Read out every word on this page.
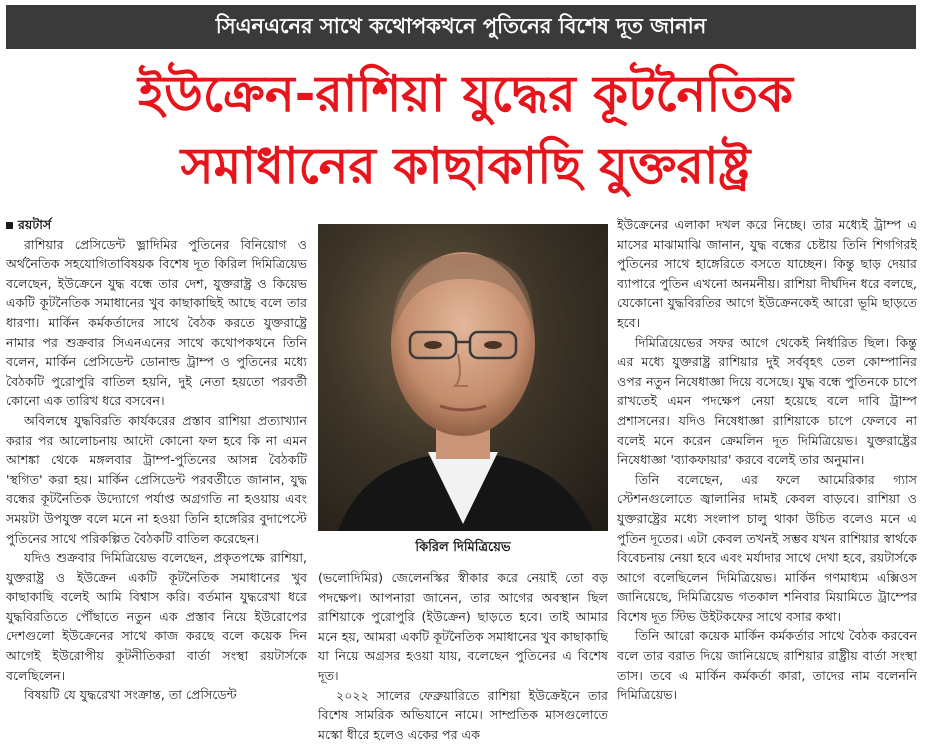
সিএনএনের সাথে কথোপকথনে পুতিনের বিশেষ দূত জানান
ইউক্রেন-রাশিয়া যুদ্ধের কূটনৈতিক
সমাধানের কাছাকাছি যুক্তরাষ্ট্র

রয়টার্স

রাশিয়ার প্রেসিডেন্ট ভ্লাদিমির পুতিনের বিনিয়োগ ও অর্থনৈতিক সহযোগিতাবিষয়ক বিশেষ দূত কিরিল দিমিত্রিয়েভ বলেছেন, ইউক্রেনে যুদ্ধ বন্ধে তার দেশ, যুক্তরাষ্ট্র ও কিয়েভ একটি কূটনৈতিক সমাধানের খুব কাছাকাছিই আছে বলে তার ধারণা। মার্কিন কর্মকর্তাদের সাথে বৈঠক করতে যুক্তরাষ্ট্রে নামার পর শুক্রবার সিএনএনের সাথে কথোপকথনে তিনি বলেন, মার্কিন প্রেসিডেন্ট ডোনাল্ড ট্রাম্প ও পুতিনের মধ্যে বৈঠকটি পুরোপুরি বাতিল হয়নি, দুই নেতা হয়তো পরবর্তী কোনো এক তারিখ ধরে বসবেন।

অবিলম্বে যুদ্ধবিরতি কার্যকরের প্রস্তাব রাশিয়া প্রত্যাখ্যান করার পর আলোচনায় আদৌ কোনো ফল হবে কি না এমন আশঙ্কা থেকে মঙ্গলবার ট্রাম্প-পুতিনের আসন্ন বৈঠকটি 'স্থগিত' করা হয়। মার্কিন প্রেসিডেন্ট পরবর্তীতে জানান, যুদ্ধ বন্ধের কূটনৈতিক উদ্যোগে পর্যাপ্ত অগ্রগতি না হওয়ায় এবং সময়টা উপযুক্ত বলে মনে না হওয়া তিনি হাঙ্গেরির বুদাপেস্টে পুতিনের সাথে পরিকল্পিত বৈঠকটি বাতিল করেছেন।

যদিও শুক্রবার দিমিত্রিয়েভ বলেছেন, প্রকৃতপক্ষে রাশিয়া, যুক্তরাষ্ট্র ও ইউক্রেন একটি কূটনৈতিক সমাধানের খুব কাছাকাছি বলেই আমি বিশ্বাস করি। বর্তমান যুদ্ধরেখা ধরে যুদ্ধবিরতিতে পৌঁছাতে নতুন এক প্রস্তাব নিয়ে ইউরোপের দেশগুলো ইউক্রেনের সাথে কাজ করছে বলে কয়েক দিন আগেই ইউরোপীয় কূটনীতিকরা বার্তা সংস্থা রয়টার্সকে বলেছিলেন।

বিষয়টি যে যুদ্ধরেখা সংক্রান্ত, তা প্রেসিডেন্ট

কিরিল দিমিত্রিয়েভ

(ভলোদিমির) জেলেনস্কির স্বীকার করে নেয়াই তো বড় পদক্ষেপ। আপনারা জানেন, তার আগের অবস্থান ছিল রাশিয়াকে পুরোপুরি (ইউক্রেন) ছাড়তে হবে। তাই আমার মনে হয়, আমরা একটি কূটনৈতিক সমাধানের খুব কাছাকাছি যা নিয়ে অগ্রসর হওয়া যায়, বলেছেন পুতিনের এ বিশেষ দূত।

২০২২ সালের ফেব্রুয়ারিতে রাশিয়া ইউক্রেইনে তার বিশেষ সামরিক অভিযানে নামে। সাম্প্রতিক মাসগুলোতে মস্কো ধীরে হলেও একের পর এক

ইউক্রেনের এলাকা দখল করে নিচ্ছে। তার মধ্যেই ট্রাম্প এ মাসের মাঝামাঝি জানান, যুদ্ধ বন্ধের চেষ্টায় তিনি শিগগিরই পুতিনের সাথে হাঙ্গেরিতে বসতে যাচ্ছেন। কিন্তু ছাড় দেয়ার ব্যাপারে পুতিন এখনো অনমনীয়। রাশিয়া দীর্ঘদিন ধরে বলছে, যেকোনো যুদ্ধবিরতির আগে ইউক্রেনকেই আরো ভূমি ছাড়তে হবে।

দিমিত্রিয়েভের সফর আগে থেকেই নির্ধারিত ছিল। কিন্তু এর মধ্যে যুক্তরাষ্ট্র রাশিয়ার দুই সর্ববৃহৎ তেল কোম্পানির ওপর নতুন নিষেধাজ্ঞা দিয়ে বসেছে। যুদ্ধ বন্ধে পুতিনকে চাপে রাখতেই এমন পদক্ষেপ নেয়া হয়েছে বলে দাবি ট্রাম্প প্রশাসনের। যদিও নিষেধাজ্ঞা রাশিয়াকে চাপে ফেলবে না বলেই মনে করেন ক্রেমলিন দূত দিমিত্রিয়েভ। যুক্তরাষ্ট্রের নিষেধাজ্ঞা 'ব্যাকফায়ার' করবে বলেই তার অনুমান।

তিনি বলেছেন, এর ফলে আমেরিকার গ্যাস স্টেশনগুলোতে জ্বালানির দামই কেবল বাড়বে। রাশিয়া ও যুক্তরাষ্ট্রের মধ্যে সংলাপ চালু থাকা উচিত বলেও মনে এ পুতিন দূতের। এটা কেবল তখনই সম্ভব যখন রাশিয়ার স্বার্থকে বিবেচনায় নেয়া হবে এবং মর্যাদার সাথে দেখা হবে, রয়টার্সকে আগে বলেছিলেন দিমিত্রিয়েভ। মার্কিন গণমাধ্যম এক্সিওস জানিয়েছে, দিমিত্রিয়েভ গতকাল শনিবার মিয়ামিতে ট্রাম্পের বিশেষ দূত স্টিভ উইটকফের সাথে বসার কথা।

তিনি আরো কয়েক মার্কিন কর্মকর্তার সাথে বৈঠক করবেন বলে তার বরাত দিয়ে জানিয়েছে রাশিয়ার রাষ্ট্রীয় বার্তা সংস্থা তাস। তবে এ মার্কিন কর্মকর্তা কারা, তাদের নাম বলেননি দিমিত্রিয়েভ।
